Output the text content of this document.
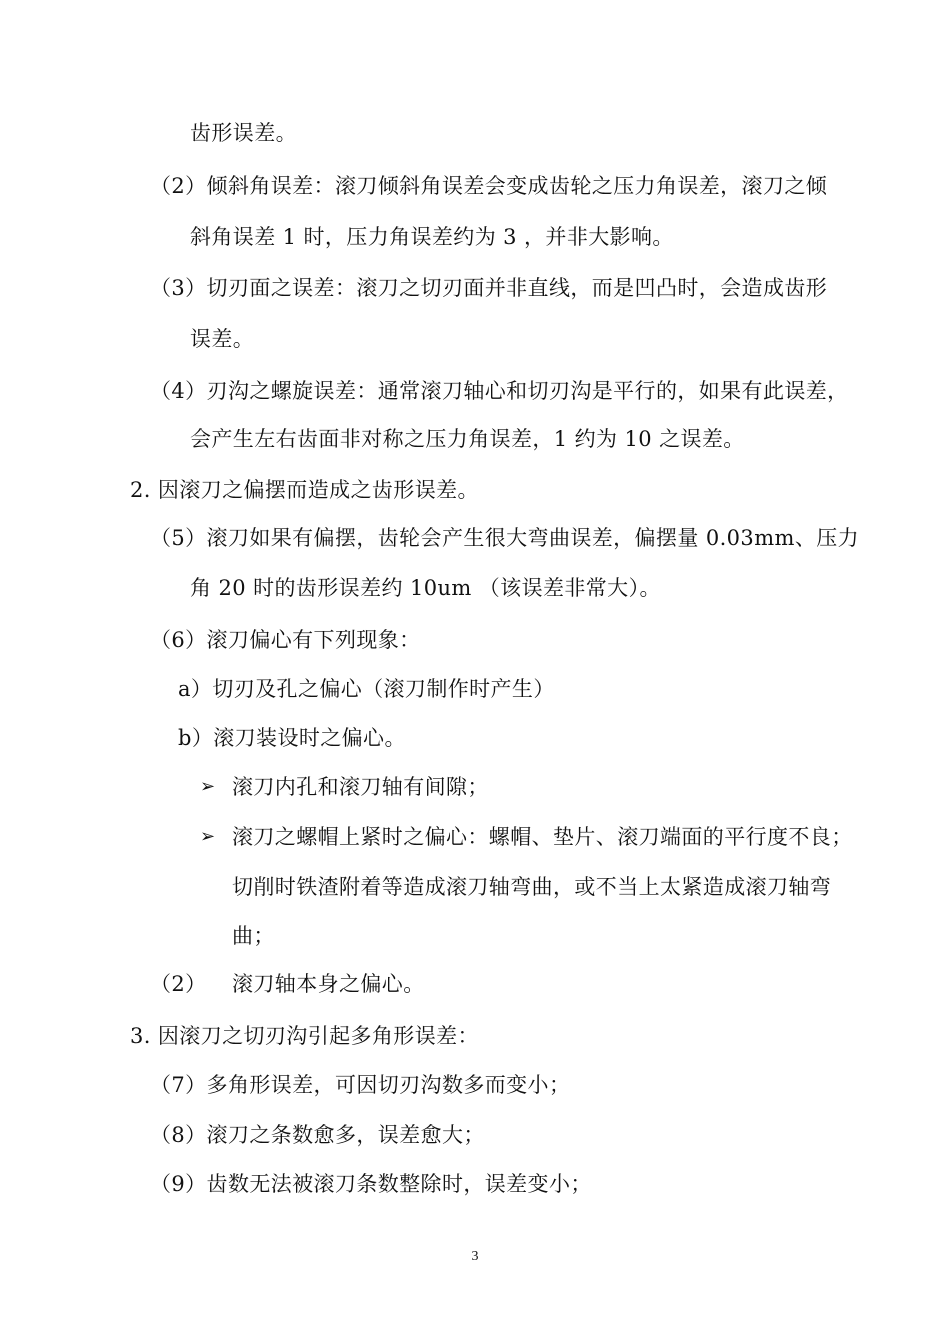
齿形误差。
（2）倾斜角误差：滚刀倾斜角误差会变成齿轮之压力角误差，滚刀之倾
斜角误差 1 时，压力角误差约为 3 ，并非大影响。
（3）切刃面之误差：滚刀之切刃面并非直线，而是凹凸时，会造成齿形
误差。
（4）刃沟之螺旋误差：通常滚刀轴心和切刃沟是平行的，如果有此误差，
会产生左右齿面非对称之压力角误差，1 约为 10 之误差。
2. 因滚刀之偏摆而造成之齿形误差。
（5）滚刀如果有偏摆，齿轮会产生很大弯曲误差，偏摆量 0.03mm、压力
角 20 时的齿形误差约 10um （该误差非常大）。
（6）滚刀偏心有下列现象：
a）切刃及孔之偏心（滚刀制作时产生）
b）滚刀装设时之偏心。
➢ 滚刀内孔和滚刀轴有间隙；
➢ 滚刀之螺帽上紧时之偏心：螺帽、垫片、滚刀端面的平行度不良；
切削时铁渣附着等造成滚刀轴弯曲，或不当上太紧造成滚刀轴弯
曲；
（2） 滚刀轴本身之偏心。
3. 因滚刀之切刃沟引起多角形误差：
（7）多角形误差，可因切刃沟数多而变小；
（8）滚刀之条数愈多，误差愈大；
（9）齿数无法被滚刀条数整除时，误差变小；
3
